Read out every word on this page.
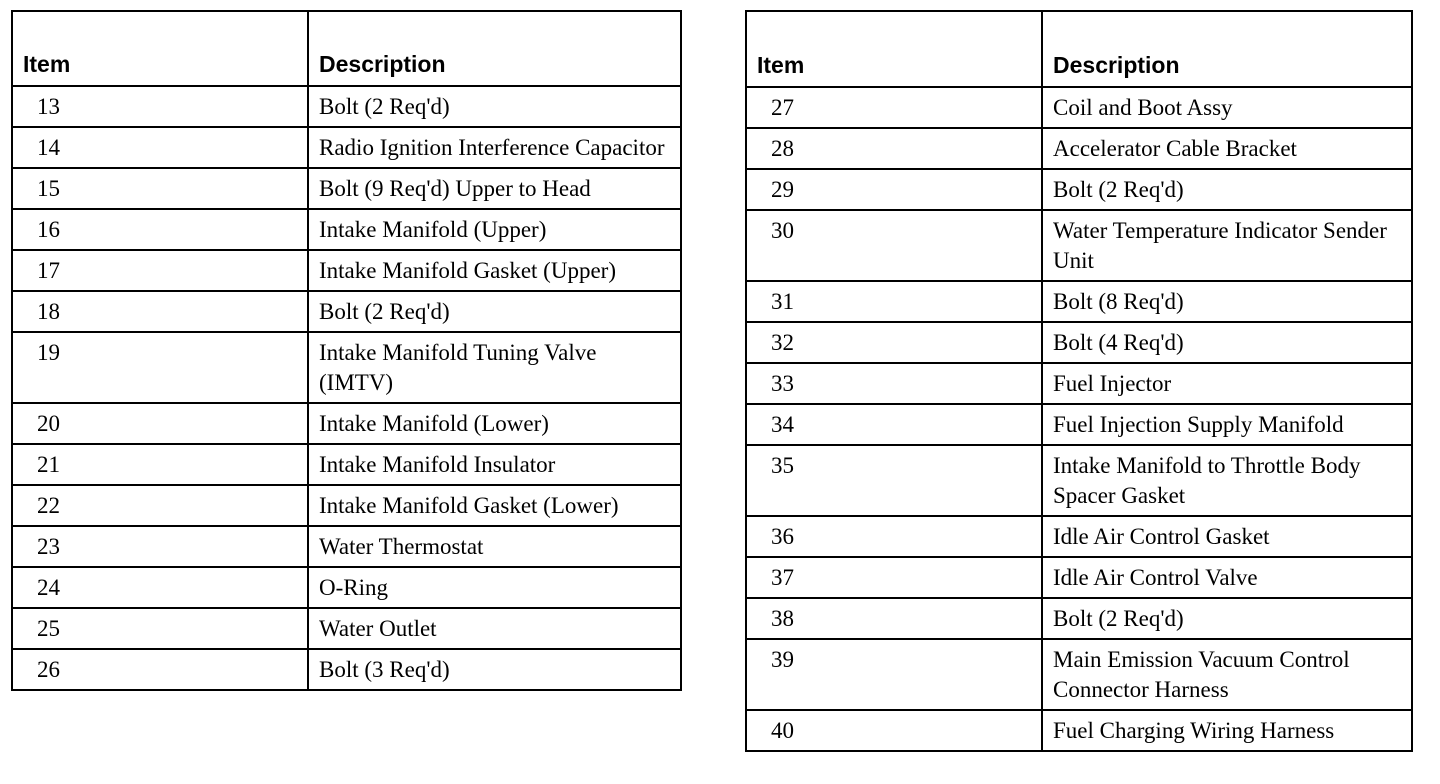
Item	Description
13	Bolt (2 Req'd)
14	Radio Ignition Interference Capacitor
15	Bolt (9 Req'd) Upper to Head
16	Intake Manifold (Upper)
17	Intake Manifold Gasket (Upper)
18	Bolt (2 Req'd)
19	Intake Manifold Tuning Valve (IMTV)
20	Intake Manifold (Lower)
21	Intake Manifold Insulator
22	Intake Manifold Gasket (Lower)
23	Water Thermostat
24	O-Ring
25	Water Outlet
26	Bolt (3 Req'd)
Item	Description
27	Coil and Boot Assy
28	Accelerator Cable Bracket
29	Bolt (2 Req'd)
30	Water Temperature Indicator Sender Unit
31	Bolt (8 Req'd)
32	Bolt (4 Req'd)
33	Fuel Injector
34	Fuel Injection Supply Manifold
35	Intake Manifold to Throttle Body Spacer Gasket
36	Idle Air Control Gasket
37	Idle Air Control Valve
38	Bolt (2 Req'd)
39	Main Emission Vacuum Control Connector Harness
40	Fuel Charging Wiring Harness
